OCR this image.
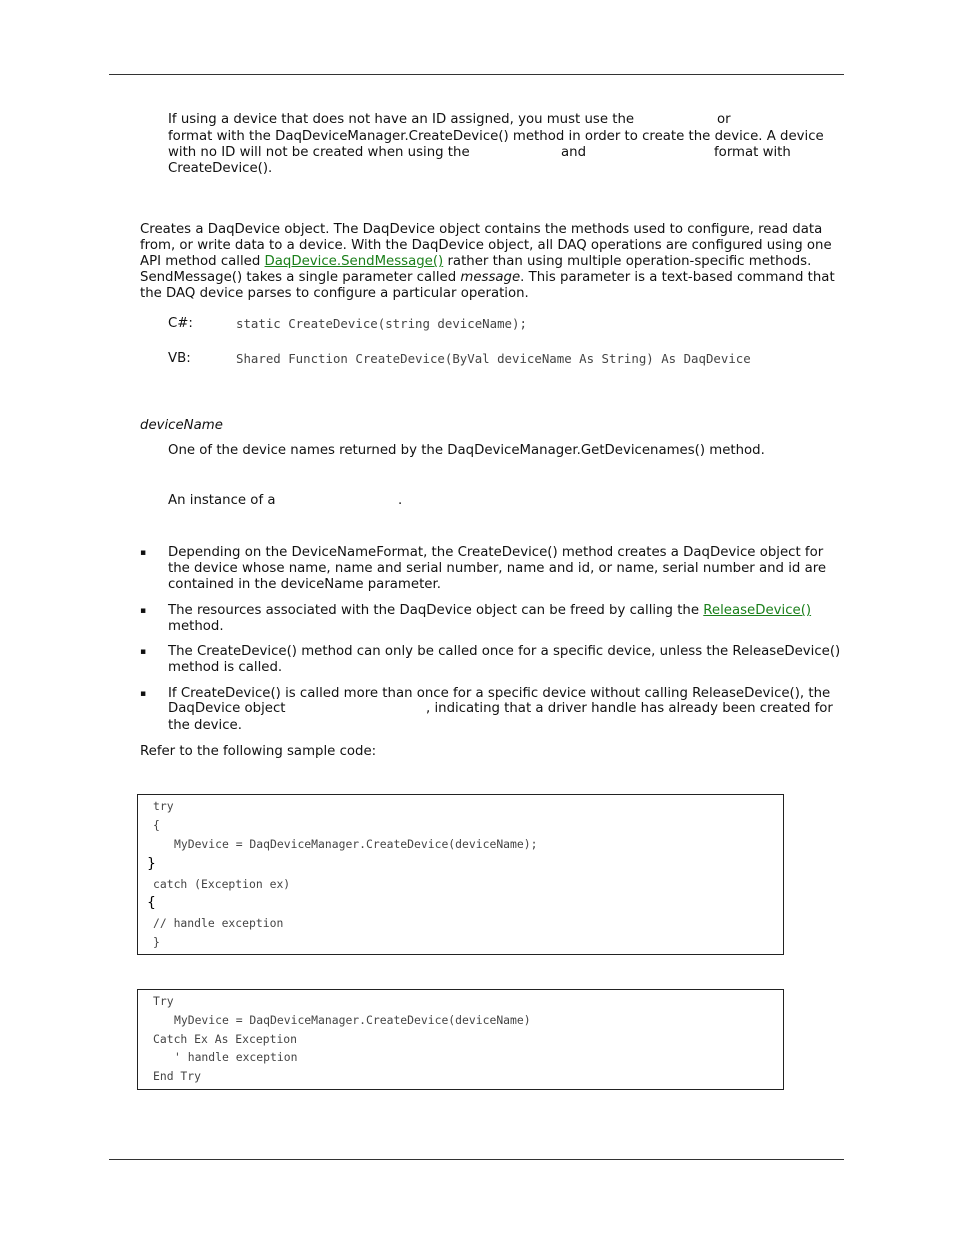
If using a device that does not have an ID assigned, you must use the	or
format with the DaqDeviceManager.CreateDevice() method in order to create the device. A device
with no ID will not be created when using the	and	format with
CreateDevice().
Creates a DaqDevice object. The DaqDevice object contains the methods used to configure, read data
from, or write data to a device. With the DaqDevice object, all DAQ operations are configured using one
API method called DaqDevice.SendMessage() rather than using multiple operation-specific methods.
SendMessage() takes a single parameter called message. This parameter is a text-based command that
the DAQ device parses to configure a particular operation.
C#:	static CreateDevice(string deviceName);
VB:	Shared Function CreateDevice(ByVal deviceName As String) As DaqDevice
deviceName
One of the device names returned by the DaqDeviceManager.GetDevicenames() method.
An instance of a	.
▪ Depending on the DeviceNameFormat, the CreateDevice() method creates a DaqDevice object for
the device whose name, name and serial number, name and id, or name, serial number and id are
contained in the deviceName parameter.
▪ The resources associated with the DaqDevice object can be freed by calling the ReleaseDevice()
method.
▪ The CreateDevice() method can only be called once for a specific device, unless the ReleaseDevice()
method is called.
▪ If CreateDevice() is called more than once for a specific device without calling ReleaseDevice(), the
DaqDevice object	, indicating that a driver handle has already been created for
the device.
Refer to the following sample code:
try
{
MyDevice = DaqDeviceManager.CreateDevice(deviceName);
}
catch (Exception ex)
{
// handle exception
}
Try
MyDevice = DaqDeviceManager.CreateDevice(deviceName)
Catch Ex As Exception
' handle exception
End Try
